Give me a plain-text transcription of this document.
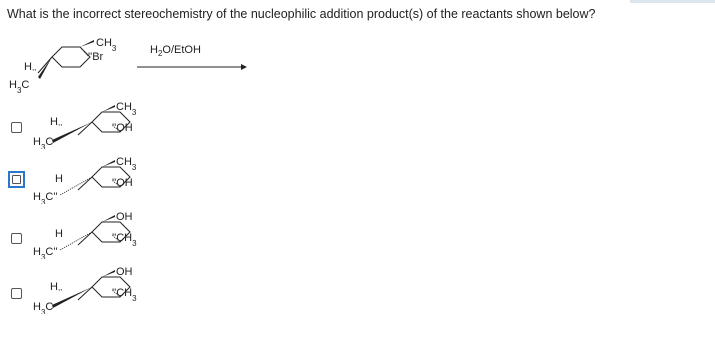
What is the incorrect stereochemistry of the nucleophilic addition product(s) of the reactants shown below?
$CH_3$
''Br
H,,
$H_3C$
$H_2O$/EtOH
$CH_3$
''OH
H,,
$H_3C$
$CH_3$
''OH
H
$H_3C''$
OH
''$CH_3$
H
$H_3C''$
OH
''$CH_3$
H,,
$H_3C$
